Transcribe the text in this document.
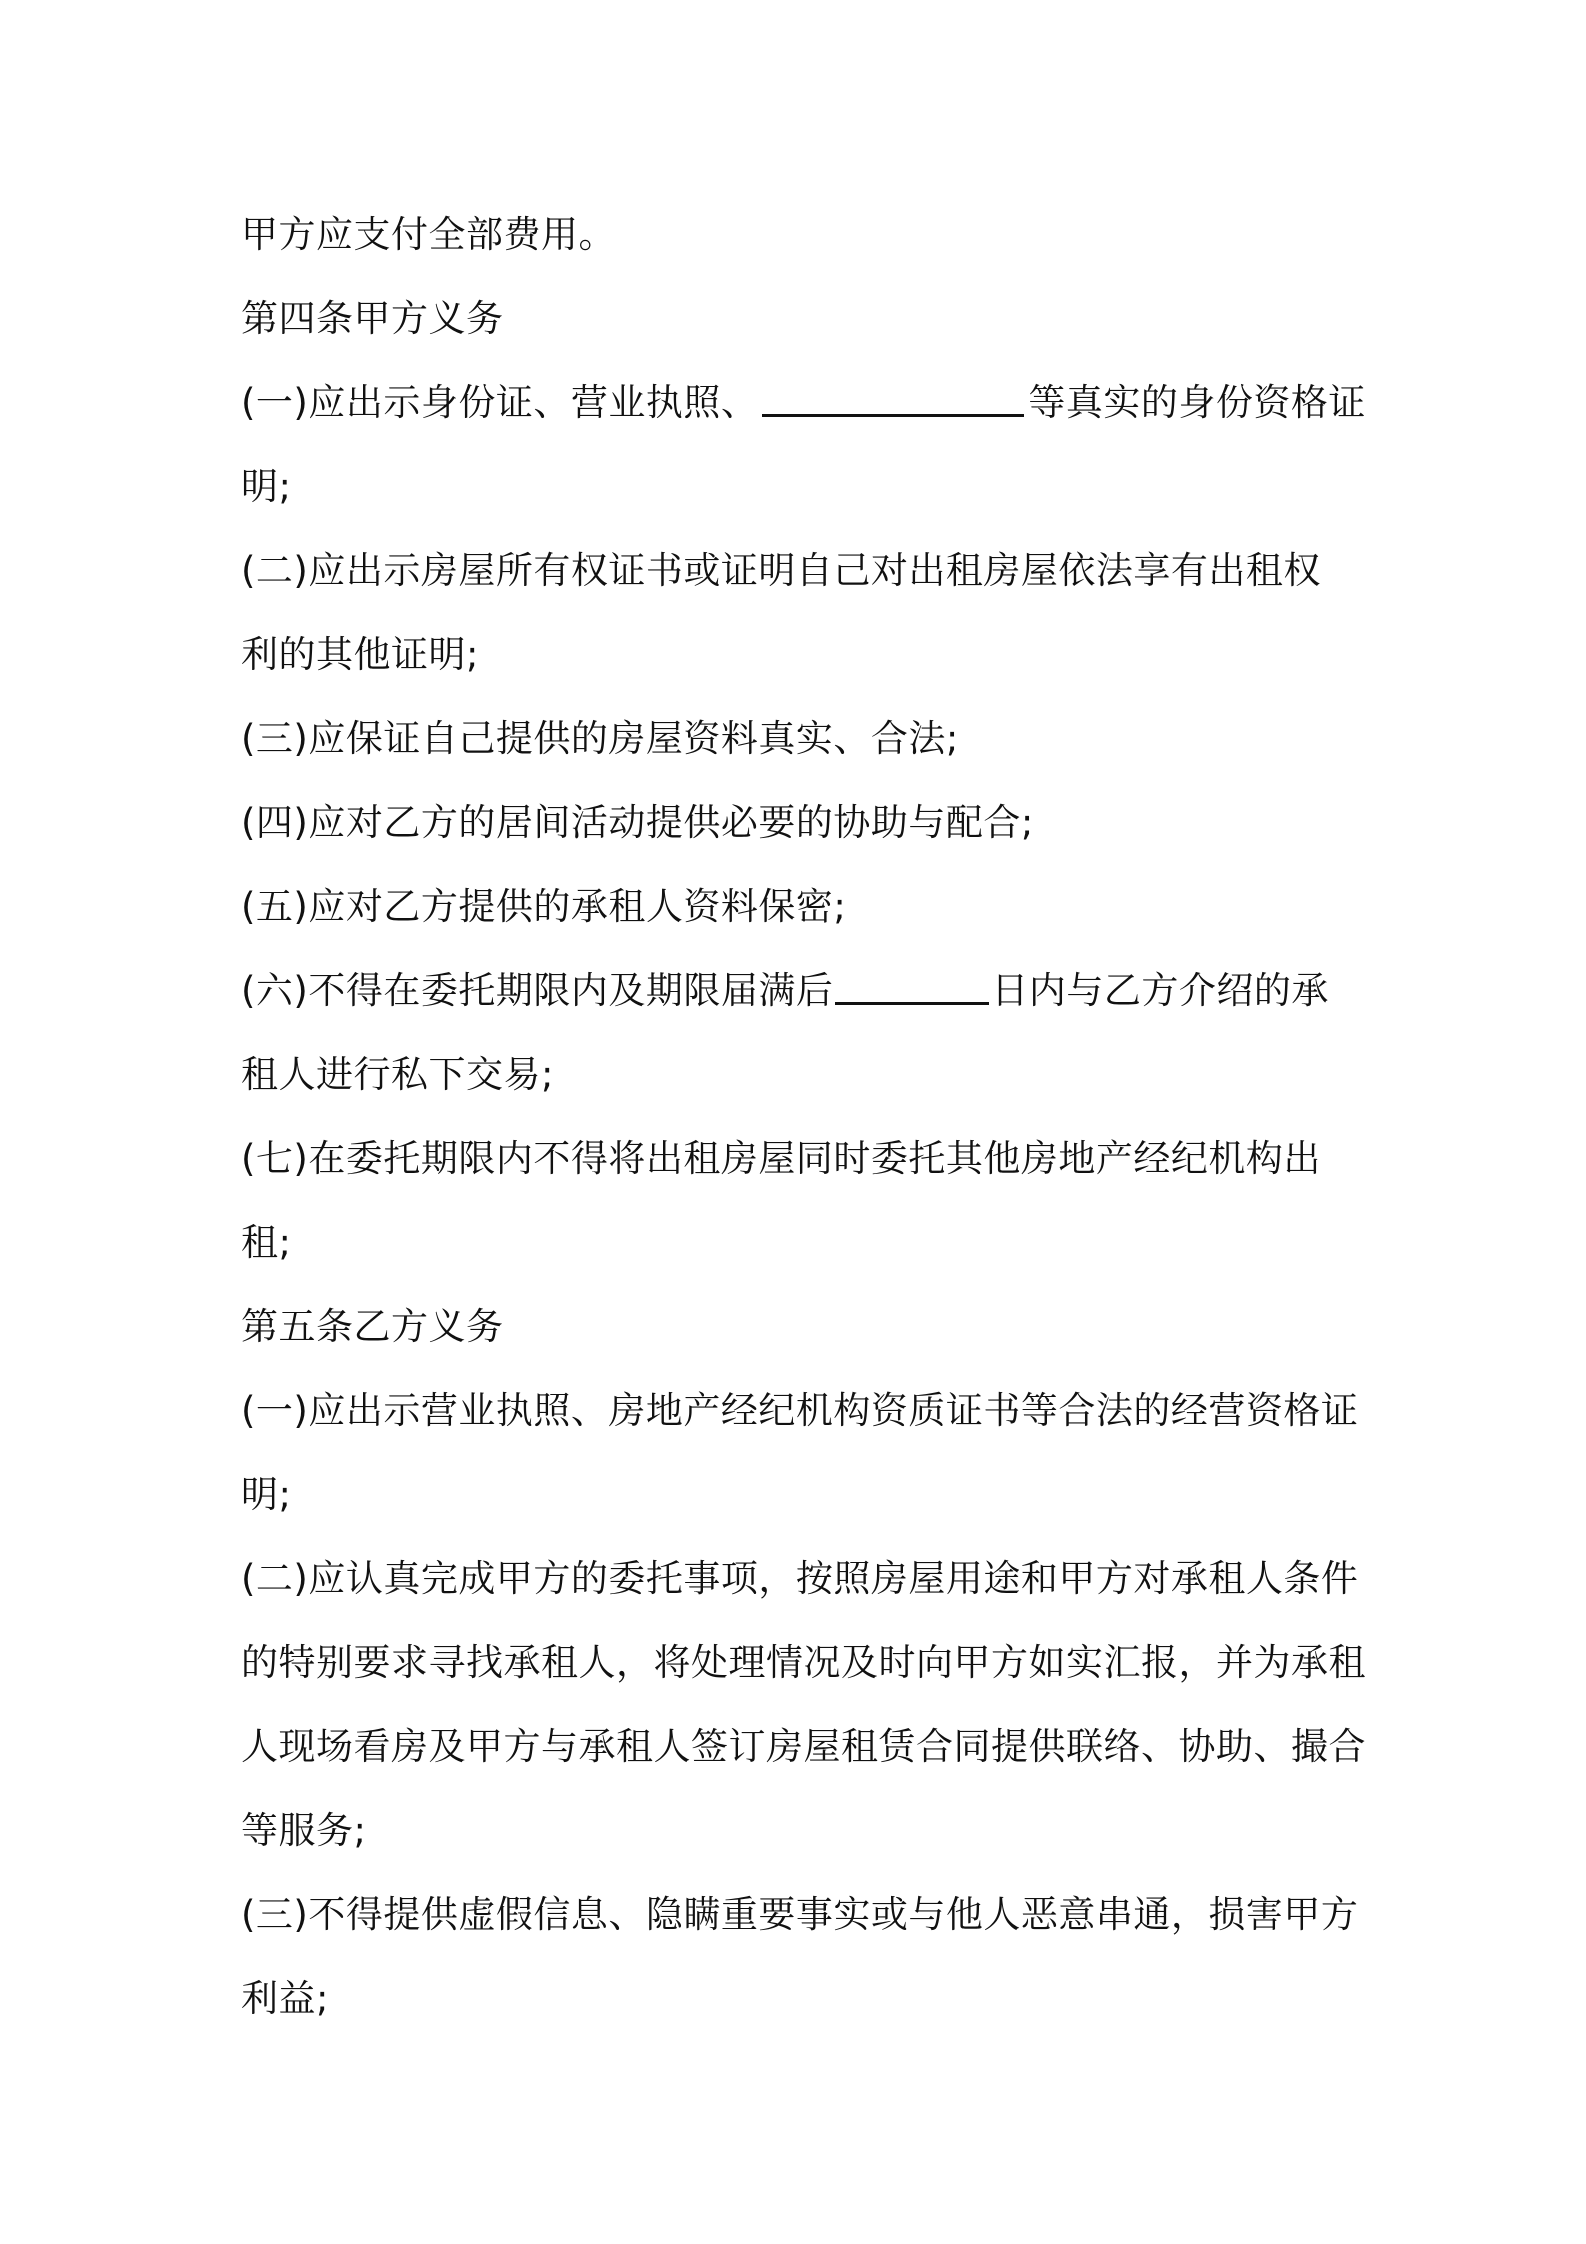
甲方应支付全部费用。
第四条甲方义务
(一)应出示身份证、营业执照、	等真实的身份资格证
明;
(二)应出示房屋所有权证书或证明自己对出租房屋依法享有出租权
利的其他证明;
(三)应保证自己提供的房屋资料真实、合法;
(四)应对乙方的居间活动提供必要的协助与配合;
(五)应对乙方提供的承租人资料保密;
(六)不得在委托期限内及期限届满后	日内与乙方介绍的承
租人进行私下交易;
(七)在委托期限内不得将出租房屋同时委托其他房地产经纪机构出
租;
第五条乙方义务
(一)应出示营业执照、房地产经纪机构资质证书等合法的经营资格证
明;
(二)应认真完成甲方的委托事项，按照房屋用途和甲方对承租人条件
的特别要求寻找承租人，将处理情况及时向甲方如实汇报，并为承租
人现场看房及甲方与承租人签订房屋租赁合同提供联络、协助、撮合
等服务;
(三)不得提供虚假信息、隐瞒重要事实或与他人恶意串通，损害甲方
利益;
